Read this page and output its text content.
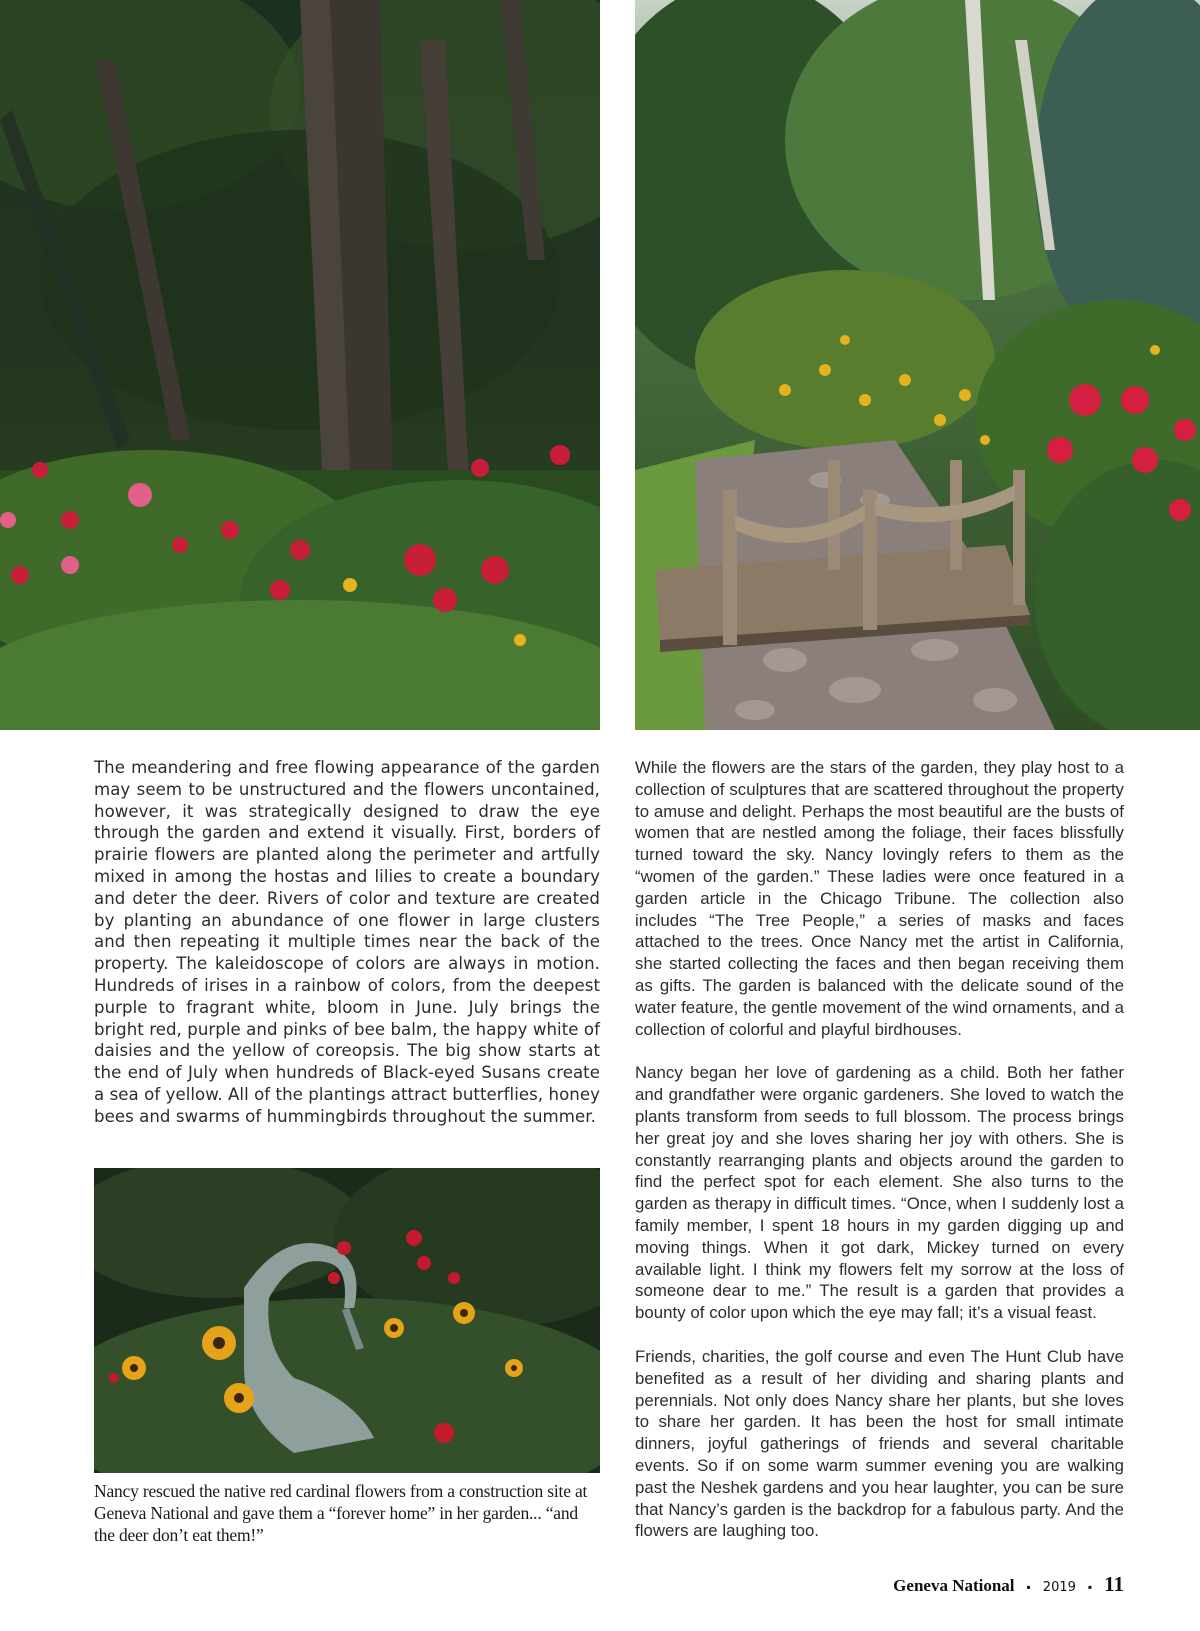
The meandering and free flowing appearance of the garden may seem to be unstructured and the flowers uncontained, however, it was strategically designed to draw the eye through the garden and extend it visually. First, borders of prairie flowers are planted along the perimeter and artfully mixed in among the hostas and lilies to create a boundary and deter the deer. Rivers of color and texture are created by planting an abundance of one flower in large clusters and then repeating it multiple times near the back of the property. The kaleidoscope of colors are always in motion. Hundreds of irises in a rainbow of colors, from the deepest purple to fragrant white, bloom in June. July brings the bright red, purple and pinks of bee balm, the happy white of daisies and the yellow of coreopsis. The big show starts at the end of July when hundreds of Black-eyed Susans create a sea of yellow. All of the plantings attract butterflies, honey bees and swarms of hummingbirds throughout the summer.

While the flowers are the stars of the garden, they play host to a collection of sculptures that are scattered throughout the property to amuse and delight. Perhaps the most beautiful are the busts of women that are nestled among the foliage, their faces blissfully turned toward the sky. Nancy lovingly refers to them as the “women of the garden.” These ladies were once featured in a garden article in the Chicago Tribune. The collection also includes “The Tree People,” a series of masks and faces attached to the trees. Once Nancy met the artist in California, she started collecting the faces and then began receiving them as gifts. The garden is balanced with the delicate sound of the water feature, the gentle movement of the wind ornaments, and a collection of colorful and playful birdhouses.

Nancy began her love of gardening as a child. Both her father and grandfather were organic gardeners. She loved to watch the plants transform from seeds to full blossom. The process brings her great joy and she loves sharing her joy with others. She is constantly rearranging plants and objects around the garden to find the perfect spot for each element. She also turns to the garden as therapy in difficult times. “Once, when I suddenly lost a family member, I spent 18 hours in my garden digging up and moving things. When it got dark, Mickey turned on every available light. I think my flowers felt my sorrow at the loss of someone dear to me.” The result is a garden that provides a bounty of color upon which the eye may fall; it’s a visual feast.

Friends, charities, the golf course and even The Hunt Club have benefited as a result of her dividing and sharing plants and perennials. Not only does Nancy share her plants, but she loves to share her garden. It has been the host for small intimate dinners, joyful gatherings of friends and several charitable events. So if on some warm summer evening you are walking past the Neshek gardens and you hear laughter, you can be sure that Nancy’s garden is the backdrop for a fabulous party. And the flowers are laughing too.

Nancy rescued the native red cardinal flowers from a construction site at Geneva National and gave them a “forever home” in her garden... “and the deer don’t eat them!”
Geneva National ▪ 2019 ▪ 11
